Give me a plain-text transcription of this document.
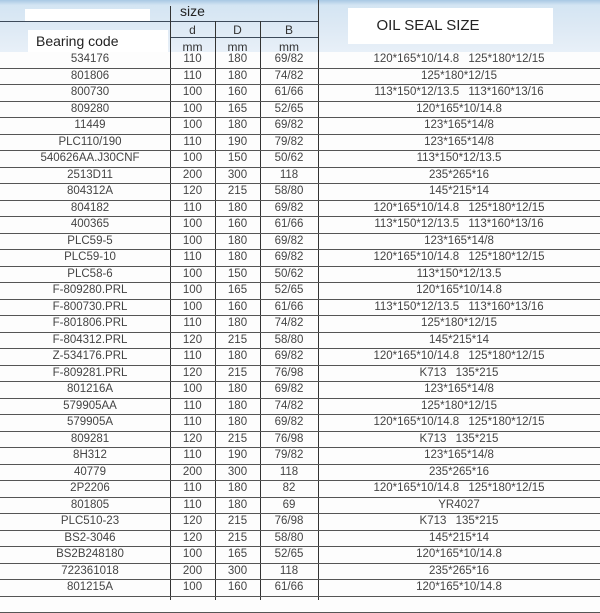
Bearing code
size
d	D	B
mm	mm	mm
OIL SEAL SIZE
534176	110	180	69/82	120*165*10/14.8 125*180*12/15
801806	110	180	74/82	125*180*12/15
800730	100	160	61/66	113*150*12/13.5 113*160*13/16
809280	100	165	52/65	120*165*10/14.8
11449	100	180	69/82	123*165*14/8
PLC110/190	110	190	79/82	123*165*14/8
540626AA.J30CNF	100	150	50/62	113*150*12/13.5
2513D11	200	300	118	235*265*16
804312A	120	215	58/80	145*215*14
804182	110	180	69/82	120*165*10/14.8 125*180*12/15
400365	100	160	61/66	113*150*12/13.5 113*160*13/16
PLC59-5	100	180	69/82	123*165*14/8
PLC59-10	110	180	69/82	120*165*10/14.8 125*180*12/15
PLC58-6	100	150	50/62	113*150*12/13.5
F-809280.PRL	100	165	52/65	120*165*10/14.8
F-800730.PRL	100	160	61/66	113*150*12/13.5 113*160*13/16
F-801806.PRL	110	180	74/82	125*180*12/15
F-804312.PRL	120	215	58/80	145*215*14
Z-534176.PRL	110	180	69/82	120*165*10/14.8 125*180*12/15
F-809281.PRL	120	215	76/98	K713 135*215
801216A	100	180	69/82	123*165*14/8
579905AA	110	180	74/82	125*180*12/15
579905A	110	180	69/82	120*165*10/14.8 125*180*12/15
809281	120	215	76/98	K713 135*215
8H312	110	190	79/82	123*165*14/8
40779	200	300	118	235*265*16
2P2206	110	180	82	120*165*10/14.8 125*180*12/15
801805	110	180	69	YR4027
PLC510-23	120	215	76/98	K713 135*215
BS2-3046	120	215	58/80	145*215*14
BS2B248180	100	165	52/65	120*165*10/14.8
722361018	200	300	118	235*265*16
801215A	100	160	61/66	120*165*10/14.8
